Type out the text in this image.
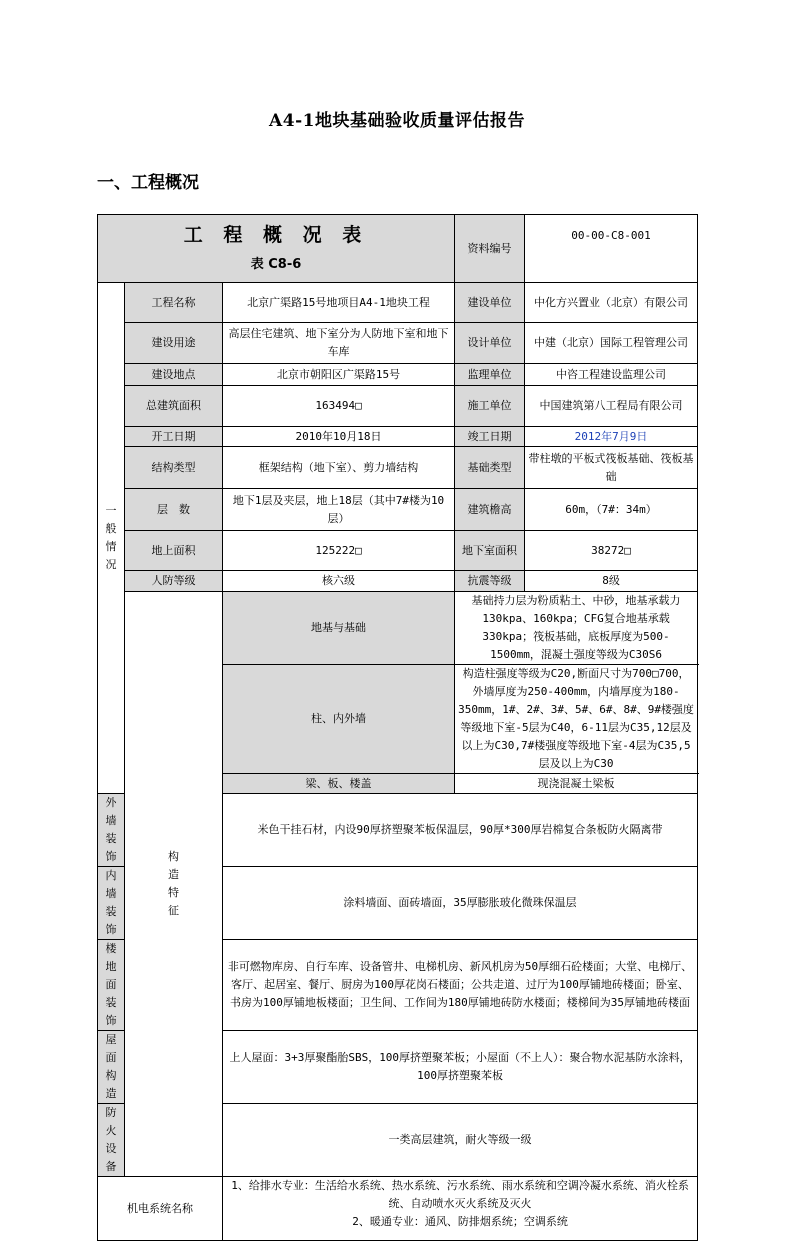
A4-1地块基础验收质量评估报告
一、工程概况
工 程 概 况 表
表 C8-6			资料编号	00-00-C8-001

一
般
情
况	工程名称	北京广渠路15号地项目A4-1地块工程	建设单位	中化方兴置业（北京）有限公司
	建设用途	高层住宅建筑、地下室分为人防地下室和地下车库	设计单位	中建（北京）国际工程管理公司
	建设地点	北京市朝阳区广渠路15号	监理单位	中咨工程建设监理公司
	总建筑面积	163494□	施工单位	中国建筑第八工程局有限公司
	开工日期	2010年10月18日	竣工日期	2012年7月9日
	结构类型	框架结构（地下室）、剪力墙结构	基础类型	带柱墩的平板式筏板基础、筏板基础
	层　数	地下1层及夹层，地上18层（其中7#楼为10层）	建筑檐高	60m，（7#：34m）
	地上面积	125222□	地下室面积	38272□
	人防等级	核六级	抗震等级	8级

	构
造
特
征	地基与基础	基础持力层为粉质粘土、中砂，地基承载力130kpa、160kpa；CFG复合地基承载330kpa；筏板基础，底板厚度为500-1500mm，混凝土强度等级为C30S6	
		柱、内外墙	构造柱强度等级为C20,断面尺寸为700□700，外墙厚度为250-400mm，内墙厚度为180-350mm，1#、2#、3#、5#、6#、8#、9#楼强度等级地下室-5层为C40，6-11层为C35,12层及以上为C30,7#楼强度等级地下室-4层为C35,5层及以上为C30	
		梁、板、楼盖	现浇混凝土梁板	
外墙装饰		米色干挂石材，内设90厚挤塑聚苯板保温层，90厚*300厚岩棉复合条板防火隔离带		
内墙装饰		涂料墙面、面砖墙面，35厚膨胀玻化微珠保温层		
楼地面装饰		非可燃物库房、自行车库、设备管井、电梯机房、新风机房为50厚细石砼楼面；大堂、电梯厅、客厅、起居室、餐厅、厨房为100厚花岗石楼面；公共走道、过厅为100厚铺地砖楼面；卧室、书房为100厚铺地板楼面；卫生间、工作间为180厚铺地砖防水楼面；楼梯间为35厚铺地砖楼面		
屋面构造		上人屋面：3+3厚聚酯胎SBS，100厚挤塑聚苯板；小屋面（不上人）：聚合物水泥基防水涂料，100厚挤塑聚苯板		
防火设备		一类高层建筑，耐火等级一级		
机电系统名称		1、给排水专业：生活给水系统、热水系统、污水系统、雨水系统和空调冷凝水系统、消火栓系统、自动喷水灭火系统及灭火
2、暖通专业：通风、防排烟系统；空调系统		
